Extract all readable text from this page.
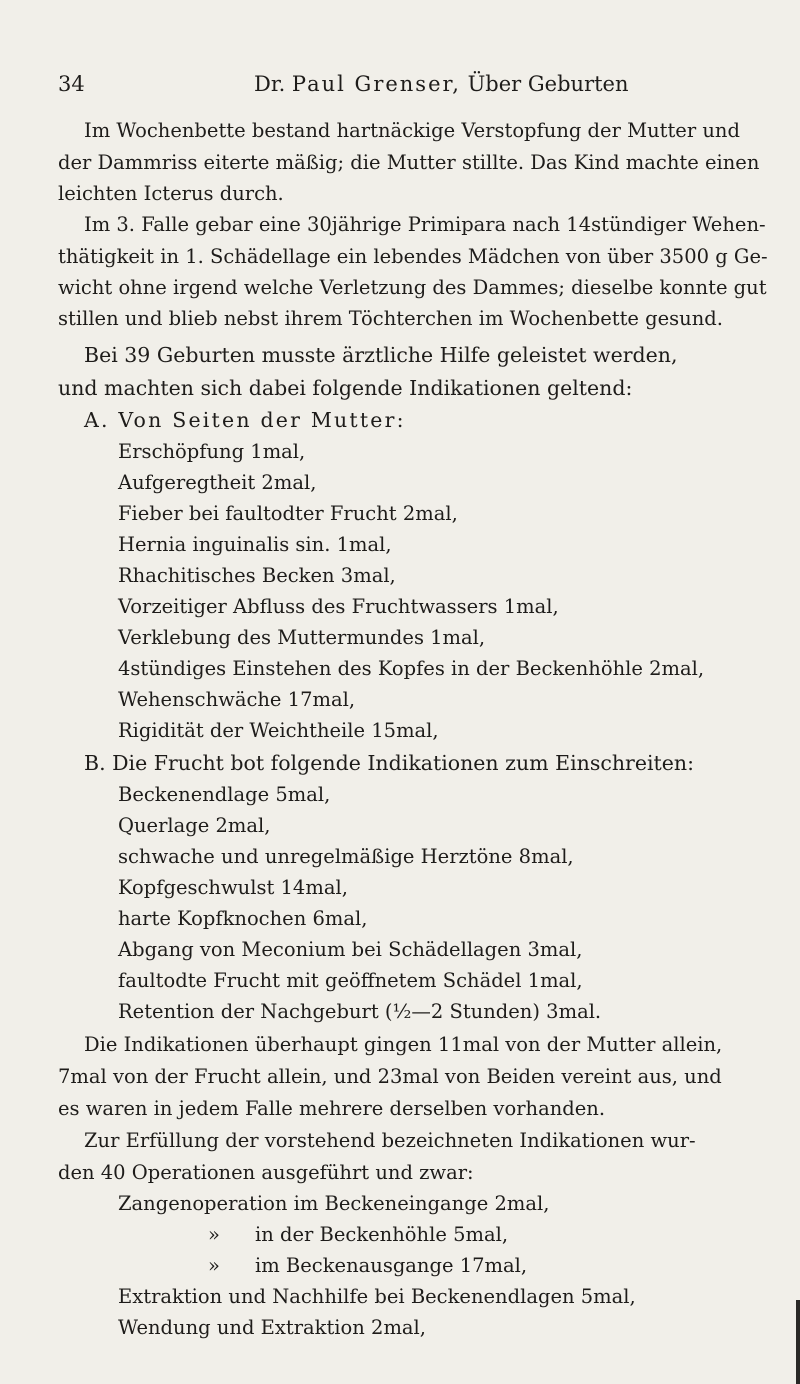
34	Dr. Paul Grenser, Über Geburten
Im Wochenbette bestand hartnäckige Verstopfung der Mutter und
der Dammriss eiterte mäßig; die Mutter stillte. Das Kind machte einen
leichten Icterus durch.
Im 3. Falle gebar eine 30jährige Primipara nach 14stündiger Wehen-
thätigkeit in 1. Schädellage ein lebendes Mädchen von über 3500 g Ge-
wicht ohne irgend welche Verletzung des Dammes; dieselbe konnte gut
stillen und blieb nebst ihrem Töchterchen im Wochenbette gesund.
Bei 39 Geburten musste ärztliche Hilfe geleistet werden,
und machten sich dabei folgende Indikationen geltend:
A. Von Seiten der Mutter:
Erschöpfung 1mal,
Aufgeregtheit 2mal,
Fieber bei faultodter Frucht 2mal,
Hernia inguinalis sin. 1mal,
Rhachitisches Becken 3mal,
Vorzeitiger Abfluss des Fruchtwassers 1mal,
Verklebung des Muttermundes 1mal,
4stündiges Einstehen des Kopfes in der Beckenhöhle 2mal,
Wehenschwäche 17mal,
Rigidität der Weichtheile 15mal,
B. Die Frucht bot folgende Indikationen zum Einschreiten:
Beckenendlage 5mal,
Querlage 2mal,
schwache und unregelmäßige Herztöne 8mal,
Kopfgeschwulst 14mal,
harte Kopfknochen 6mal,
Abgang von Meconium bei Schädellagen 3mal,
faultodte Frucht mit geöffnetem Schädel 1mal,
Retention der Nachgeburt (½—2 Stunden) 3mal.
Die Indikationen überhaupt gingen 11mal von der Mutter allein,
7mal von der Frucht allein, und 23mal von Beiden vereint aus, und
es waren in jedem Falle mehrere derselben vorhanden.
Zur Erfüllung der vorstehend bezeichneten Indikationen wur-
den 40 Operationen ausgeführt und zwar:
Zangenoperation im Beckeneingange 2mal,
» in der Beckenhöhle 5mal,
» im Beckenausgange 17mal,
Extraktion und Nachhilfe bei Beckenendlagen 5mal,
Wendung und Extraktion 2mal,
